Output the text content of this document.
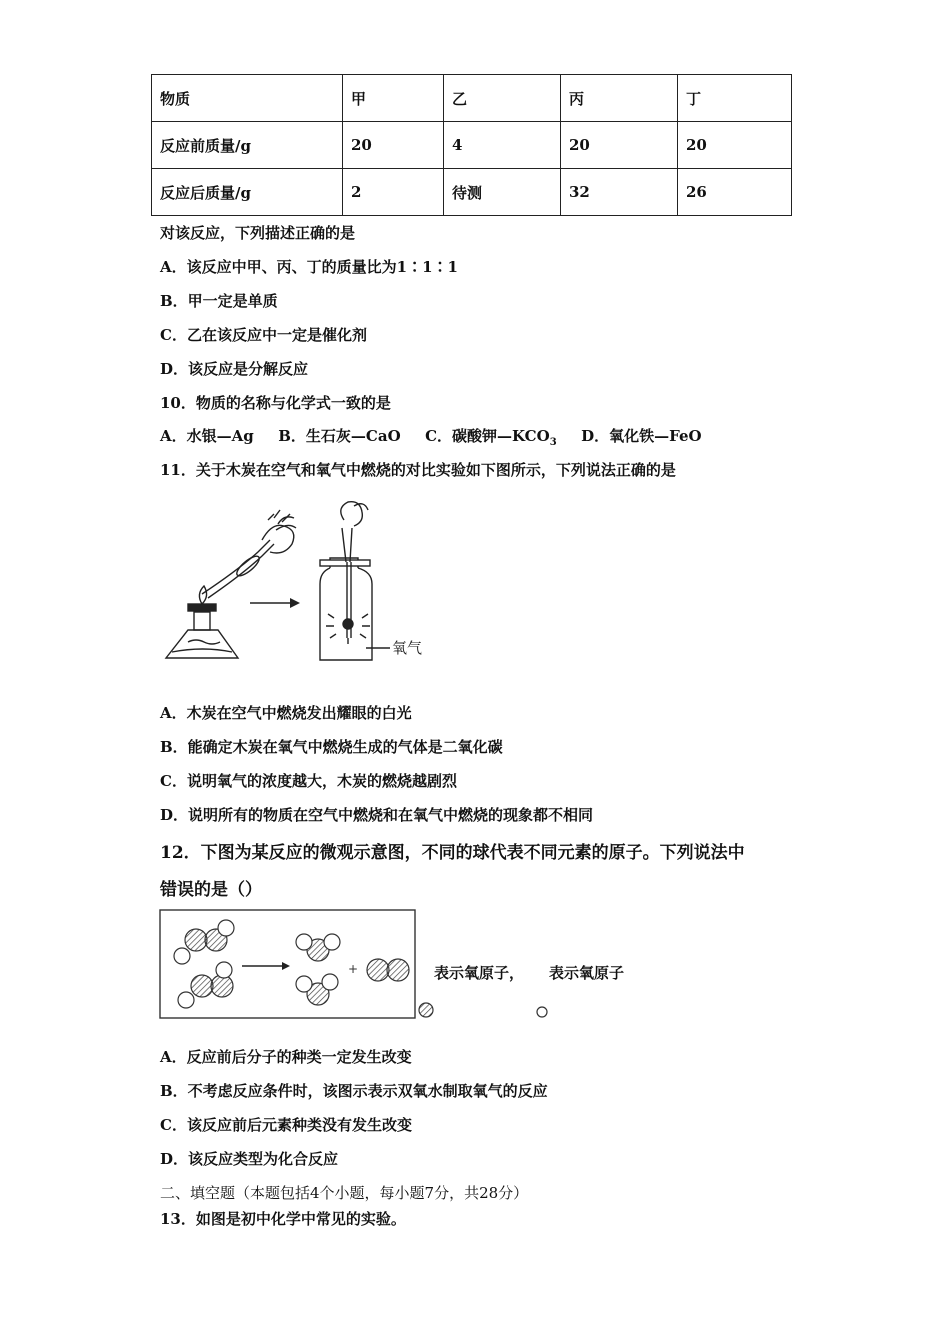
物质	甲	乙	丙	丁
反应前质量/g	20	4	20	20
反应后质量/g	2	待测	32	26
对该反应，下列描述正确的是
A．该反应中甲、丙、丁的质量比为1∶1∶1
B．甲一定是单质
C．乙在该反应中一定是催化剂
D．该反应是分解反应
10．物质的名称与化学式一致的是
A．水银—Ag B．生石灰—CaO C．碳酸钾$—KCO_3$ D．氧化铁—FeO
11．关于木炭在空气和氧气中燃烧的对比实验如下图所示，下列说法正确的是
氧气
A．木炭在空气中燃烧发出耀眼的白光
B．能确定木炭在氧气中燃烧生成的气体是二氧化碳
C．说明氧气的浓度越大，木炭的燃烧越剧烈
D．说明所有的物质在空气中燃烧和在氧气中燃烧的现象都不相同
12．下图为某反应的微观示意图，不同的球代表不同元素的原子。下列说法中
错误的是（）
+	表示氧原子， 表示氧原子
A．反应前后分子的种类一定发生改变
B．不考虑反应条件时，该图示表示双氧水制取氧气的反应
C．该反应前后元素种类没有发生改变
D．该反应类型为化合反应
二、填空题（本题包括4个小题，每小题7分，共28分）
13．如图是初中化学中常见的实验。
